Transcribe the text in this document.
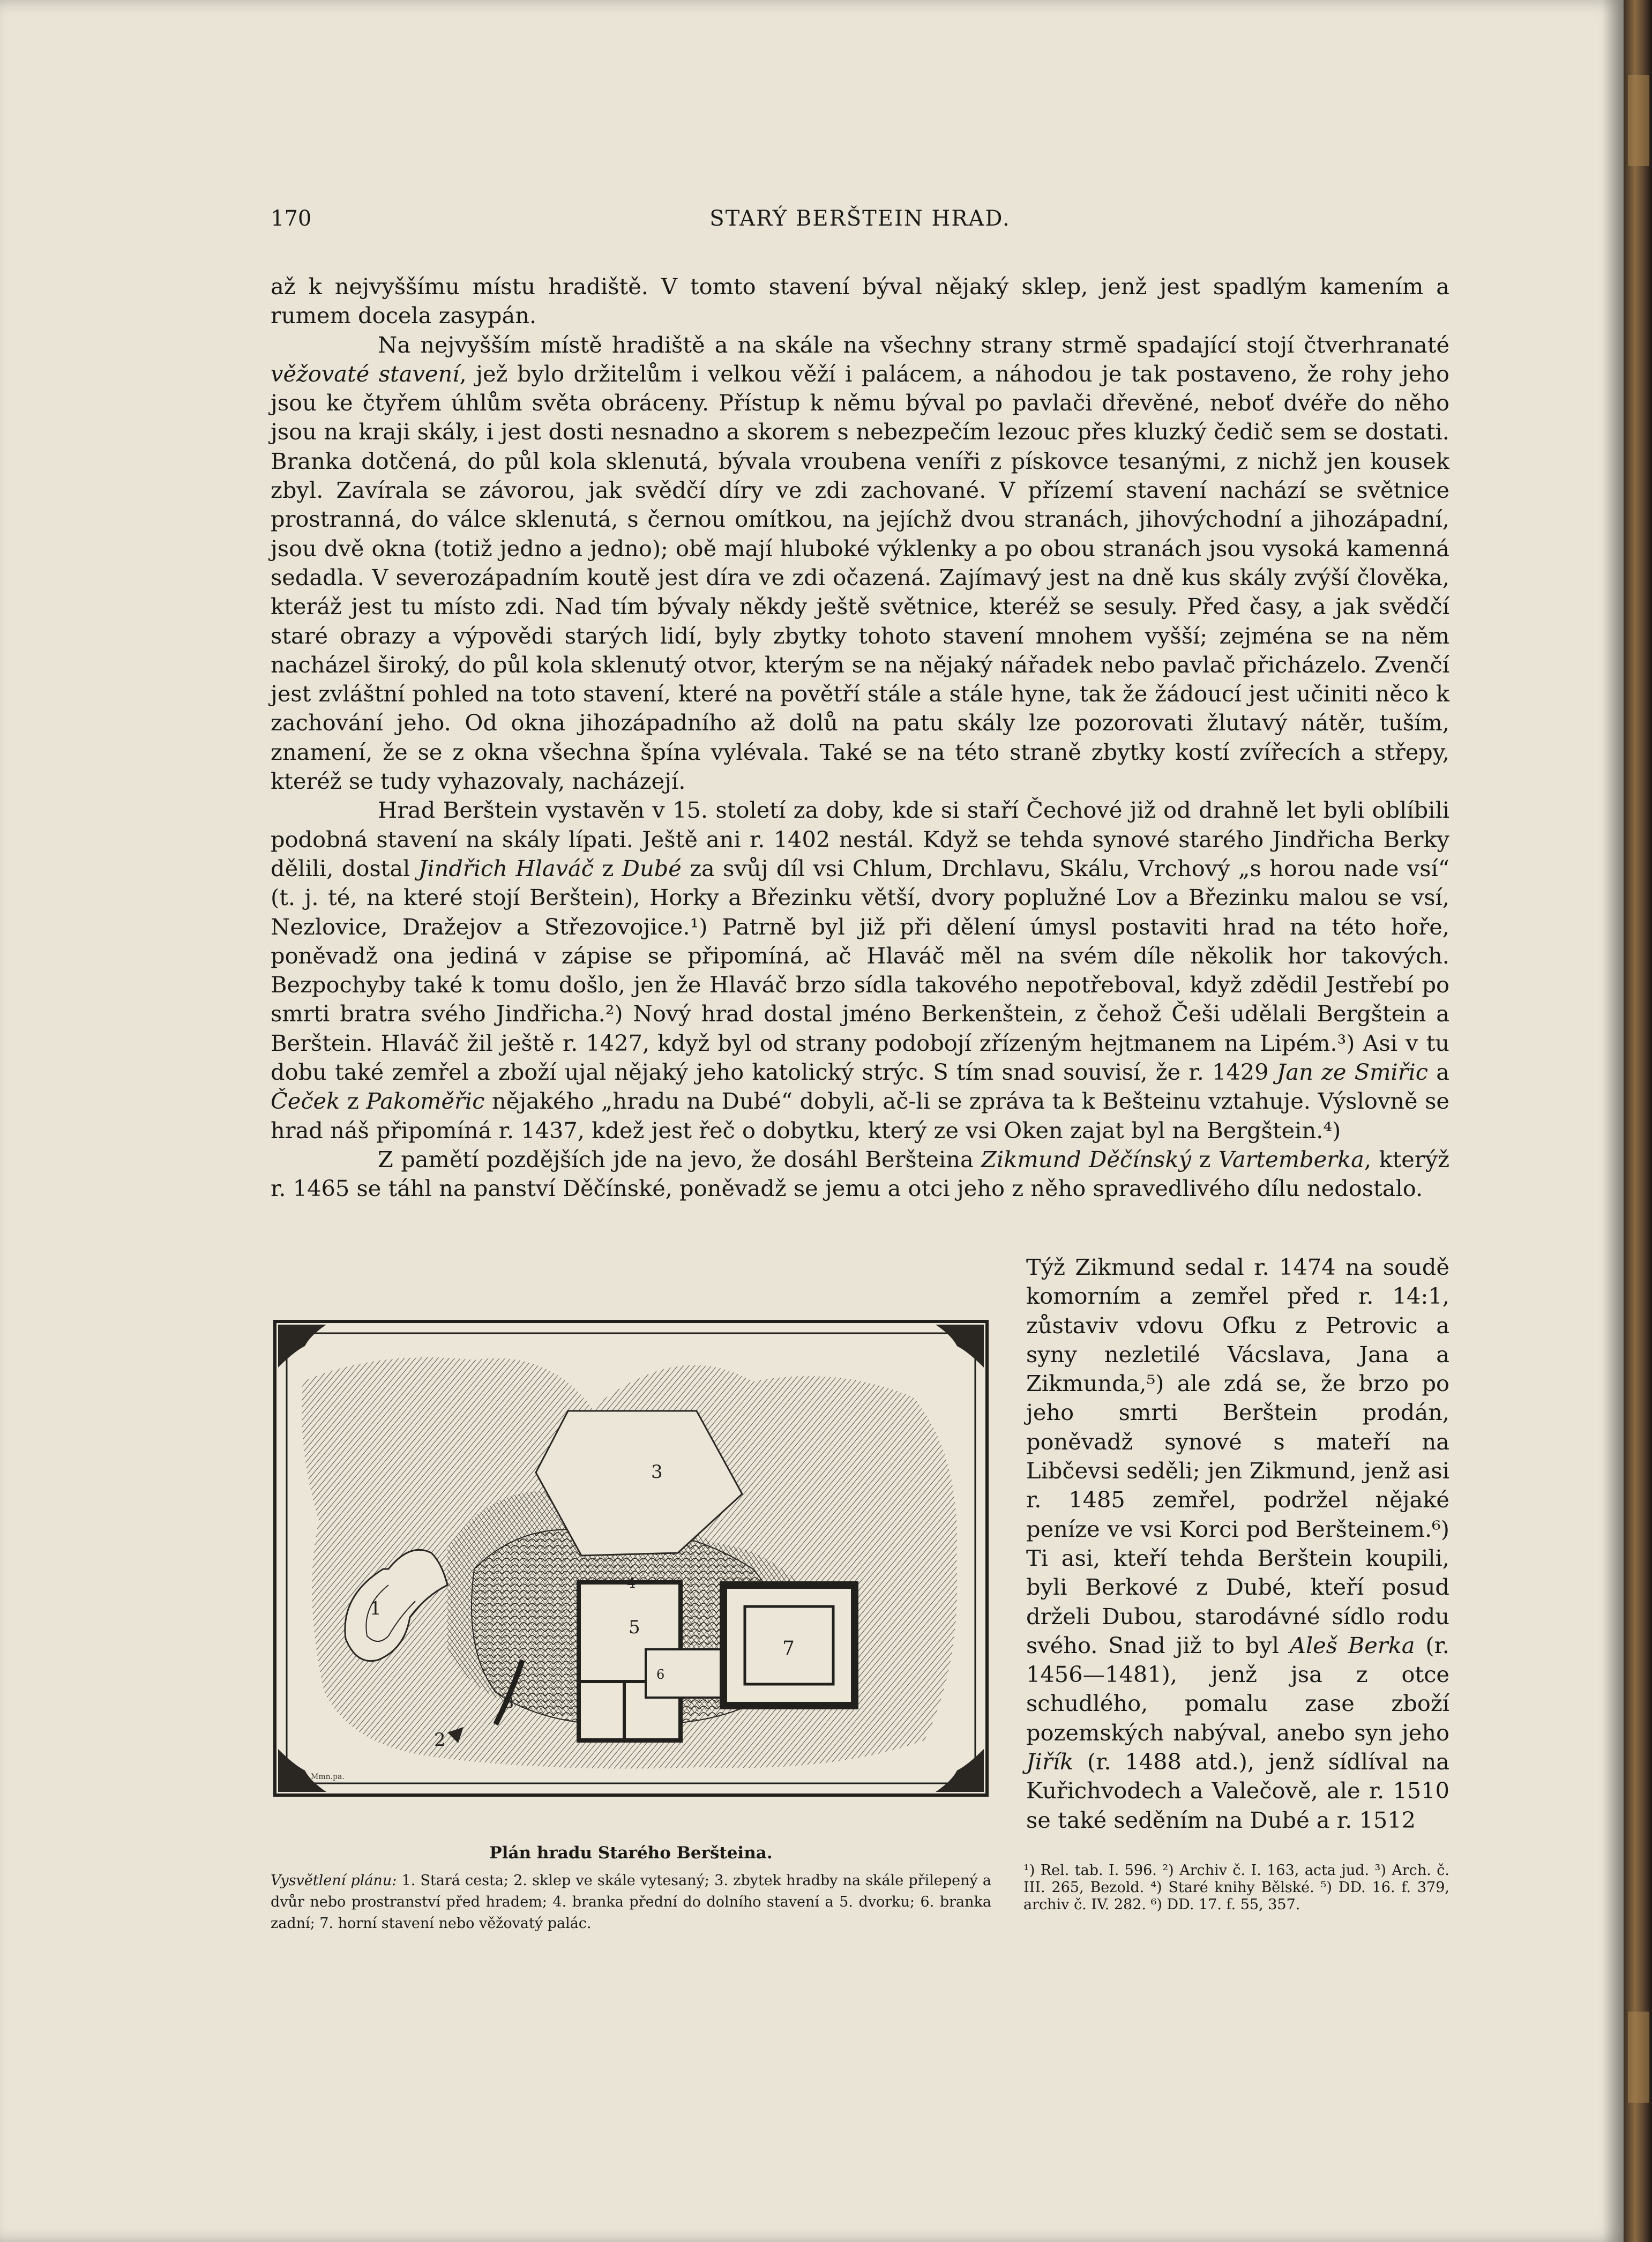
170	STARÝ BERŠTEIN HRAD.

až k nejvyššímu místu hradiště. V tomto stavení býval nějaký sklep, jenž jest spadlým kamením a rumem docela zasypán.

Na nejvyšším místě hradiště a na skále na všechny strany strmě spadající stojí čtverhranaté věžovaté stavení, jež bylo držitelům i velkou věží i palácem, a náhodou je tak postaveno, že rohy jeho jsou ke čtyřem úhlům světa obráceny. Přístup k němu býval po pavlači dřevěné, neboť dvéře do něho jsou na kraji skály, i jest dosti nesnadno a skorem s nebezpečím lezouc přes kluzký čedič sem se dostati. Branka dotčená, do půl kola sklenutá, bývala vroubena veníři z pískovce tesanými, z nichž jen kousek zbyl. Zavírala se závorou, jak svědčí díry ve zdi zachované. V přízemí stavení nachází se světnice prostranná, do válce sklenutá, s černou omítkou, na jejíchž dvou stranách, jihovýchodní a jihozápadní, jsou dvě okna (totiž jedno a jedno); obě mají hluboké výklenky a po obou stranách jsou vysoká kamenná sedadla. V severozápadním koutě jest díra ve zdi očazená. Zajímavý jest na dně kus skály zvýší člověka, kteráž jest tu místo zdi. Nad tím bývaly někdy ještě světnice, kteréž se sesuly. Před časy, a jak svědčí staré obrazy a výpovědi starých lidí, byly zbytky tohoto stavení mnohem vyšší; zejména se na něm nacházel široký, do půl kola sklenutý otvor, kterým se na nějaký nářadek nebo pavlač přicházelo. Zvenčí jest zvláštní pohled na toto stavení, které na povětří stále a stále hyne, tak že žádoucí jest učiniti něco k zachování jeho. Od okna jihozápadního až dolů na patu skály lze pozorovati žlutavý nátěr, tuším, znamení, že se z okna všechna špína vylévala. Také se na této straně zbytky kostí zvířecích a střepy, kteréž se tudy vyhazovaly, nacházejí.

Hrad Berštein vystavěn v 15. století za doby, kde si staří Čechové již od drahně let byli oblíbili podobná stavení na skály lípati. Ještě ani r. 1402 nestál. Když se tehda synové starého Jindřicha Berky dělili, dostal Jindřich Hlaváč z Dubé za svůj díl vsi Chlum, Drchlavu, Skálu, Vrchový „s horou nade vsí“ (t. j. té, na které stojí Berštein), Horky a Březinku větší, dvory poplužné Lov a Březinku malou se vsí, Nezlovice, Dražejov a Střezovojice.¹) Patrně byl již při dělení úmysl postaviti hrad na této hoře, poněvadž ona jediná v zápise se připomíná, ač Hlaváč měl na svém díle několik hor takových. Bezpochyby také k tomu došlo, jen že Hlaváč brzo sídla takového nepotřeboval, když zdědil Jestřebí po smrti bratra svého Jindřicha.²) Nový hrad dostal jméno Berkenštein, z čehož Češi udělali Bergštein a Berštein. Hlaváč žil ještě r. 1427, když byl od strany podobojí zřízeným hejtmanem na Lipém.³) Asi v tu dobu také zemřel a zboží ujal nějaký jeho katolický strýc. S tím snad souvisí, že r. 1429 Jan ze Smiřic a Čeček z Pakoměřic nějakého „hradu na Dubé“ dobyli, ač-li se zpráva ta k Bešteinu vztahuje. Výslovně se hrad náš připomíná r. 1437, kdež jest řeč o dobytku, který ze vsi Oken zajat byl na Bergštein.⁴)

Z pamětí pozdějších jde na jevo, že dosáhl Beršteina Zikmund Děčínský z Vartemberka, kterýž r. 1465 se táhl na panství Děčínské, poněvadž se jemu a otci jeho z něho spravedlivého dílu nedostalo.

Týž Zikmund sedal r. 1474 na soudě komorním a zemřel před r. 14:1, zůstaviv vdovu Ofku z Petrovic a syny nezletilé Vácslava, Jana a Zikmunda,⁵) ale zdá se, že brzo po jeho smrti Berštein prodán, poněvadž synové s mateří na Libčevsi seděli; jen Zikmund, jenž asi r. 1485 zemřel, podržel nějaké peníze ve vsi Korci pod Beršteinem.⁶) Ti asi, kteří tehda Berštein koupili, byli Berkové z Dubé, kteří posud drželi Dubou, starodávné sídlo rodu svého. Snad již to byl Aleš Berka (r. 1456—1481), jenž jsa z otce schudlého, pomalu zase zboží pozemských nabýval, anebo syn jeho Jiřík (r. 1488 atd.), jenž sídlíval na Kuřichvodech a Valečově, ale r. 1510 se také seděním na Dubé a r. 1512

1
2
3
3
4
5
6
7
Mmn.pa.
Plán hradu Starého Beršteina.
Vysvětlení plánu: 1. Stará cesta; 2. sklep ve skále vytesaný; 3. zbytek hradby na skále přilepený a dvůr nebo prostranství před hradem; 4. branka přední do dolního stavení a 5. dvorku; 6. branka zadní; 7. horní stavení nebo věžovatý palác.

¹) Rel. tab. I. 596. ²) Archiv č. I. 163, acta jud. ³) Arch. č. III. 265, Bezold. ⁴) Staré knihy Bělské. ⁵) DD. 16. f. 379, archiv č. IV. 282. ⁶) DD. 17. f. 55, 357.
